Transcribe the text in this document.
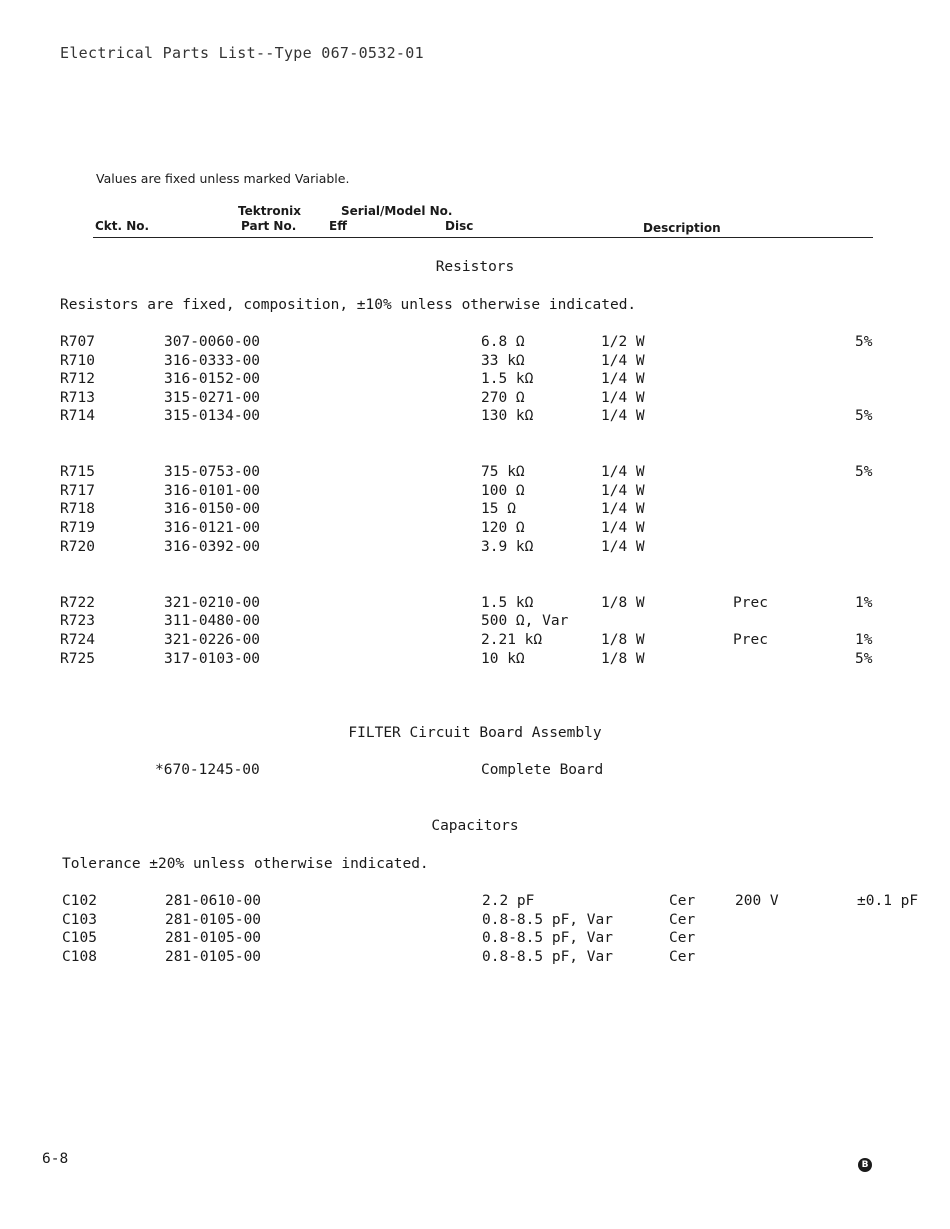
Electrical Parts List--Type 067-0532-01
Values are fixed unless marked Variable.
Tektronix	Serial/Model No.
Ckt. No.	Part No.	Eff	Disc	Description
Resistors
Resistors are fixed, composition, ±10% unless otherwise indicated.
R707	307-0060-00	6.8 Ω	1/2 W	5%
R710	316-0333-00	33 kΩ	1/4 W
R712	316-0152-00	1.5 kΩ	1/4 W
R713	315-0271-00	270 Ω	1/4 W
R714	315-0134-00	130 kΩ	1/4 W	5%
R715	315-0753-00	75 kΩ	1/4 W	5%
R717	316-0101-00	100 Ω	1/4 W
R718	316-0150-00	15 Ω	1/4 W
R719	316-0121-00	120 Ω	1/4 W
R720	316-0392-00	3.9 kΩ	1/4 W
R722	321-0210-00	1.5 kΩ	1/8 W	Prec	1%
R723	311-0480-00	500 Ω, Var
R724	321-0226-00	2.21 kΩ	1/8 W	Prec	1%
R725	317-0103-00	10 kΩ	1/8 W	5%
FILTER Circuit Board Assembly
*670-1245-00	Complete Board
Capacitors
Tolerance ±20% unless otherwise indicated.
C102	281-0610-00	2.2 pF	Cer	200 V	±0.1 pF
C103	281-0105-00	0.8-8.5 pF, Var	Cer
C105	281-0105-00	0.8-8.5 pF, Var	Cer
C108	281-0105-00	0.8-8.5 pF, Var	Cer
6-8	B
